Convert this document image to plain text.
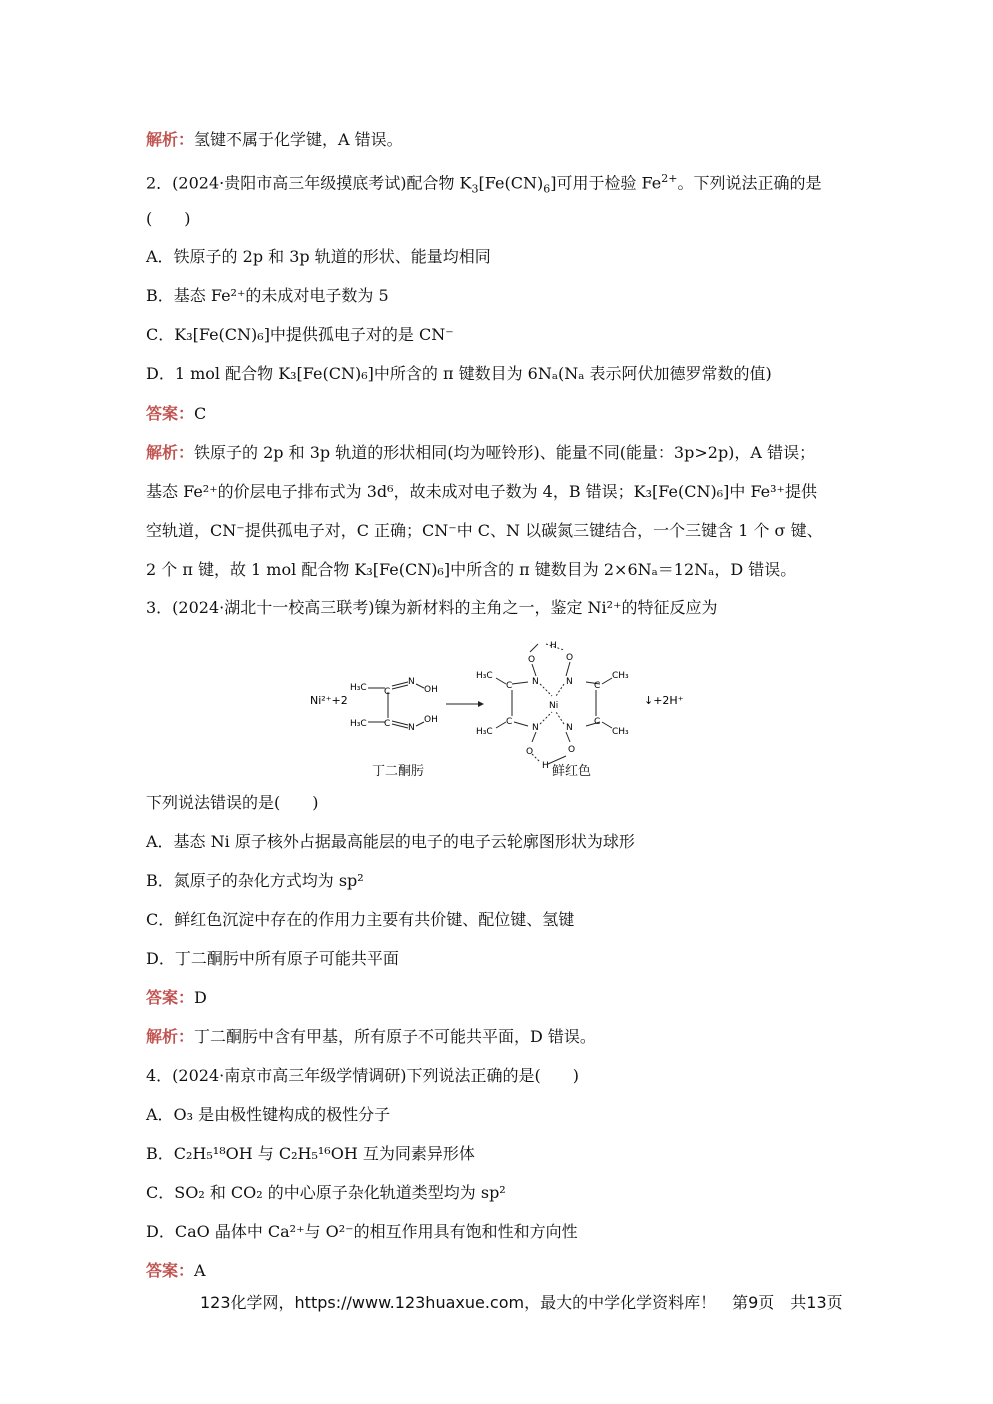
解析：氢键不属于化学键，A 错误。
2．(2024·贵阳市高三年级摸底考试)配合物 $K_3[Fe(CN)_6]$可用于检验 $Fe^{2+}$。下列说法正确的是
(　　)
A．铁原子的 2p 和 3p 轨道的形状、能量均相同
B．基态 Fe²⁺的未成对电子数为 5
C．K₃[Fe(CN)₆]中提供孤电子对的是 CN⁻
D．1 mol 配合物 K₃[Fe(CN)₆]中所含的 π 键数目为 6Nₐ(Nₐ 表示阿伏加德罗常数的值)
答案：C
解析：铁原子的 2p 和 3p 轨道的形状相同(均为哑铃形)、能量不同(能量：3p>2p)，A 错误；
基态 Fe²⁺的价层电子排布式为 3d⁶，故未成对电子数为 4，B 错误；K₃[Fe(CN)₆]中 Fe³⁺提供
空轨道，CN⁻提供孤电子对，C 正确；CN⁻中 C、N 以碳氮三键结合，一个三键含 1 个 σ 键、
2 个 π 键，故 1 mol 配合物 K₃[Fe(CN)₆]中所含的 π 键数目为 2×6Nₐ＝12Nₐ，D 错误。
3．(2024·湖北十一校高三联考)镍为新材料的主角之一，鉴定 Ni²⁺的特征反应为
Ni²⁺+2
H₃C
H₃C
C
C
N
N
OH
OH
O	O
H
N	N
Ni
N	N
O	O
H
C
C
C
C
H₃C
H₃C
CH₃
CH₃
↓+2H⁺
丁二酮肟	鲜红色
下列说法错误的是(　　)
A．基态 Ni 原子核外占据最高能层的电子的电子云轮廓图形状为球形
B．氮原子的杂化方式均为 sp²
C．鲜红色沉淀中存在的作用力主要有共价键、配位键、氢键
D．丁二酮肟中所有原子可能共平面
答案：D
解析：丁二酮肟中含有甲基，所有原子不可能共平面，D 错误。
4．(2024·南京市高三年级学情调研)下列说法正确的是(　　)
A．O₃ 是由极性键构成的极性分子
B．C₂H₅¹⁸OH 与 C₂H₅¹⁶OH 互为同素异形体
C．SO₂ 和 CO₂ 的中心原子杂化轨道类型均为 sp²
D．CaO 晶体中 Ca²⁺与 O²⁻的相互作用具有饱和性和方向性
答案：A
123化学网，https://www.123huaxue.com，最大的中学化学资料库！　第9页　共13页
